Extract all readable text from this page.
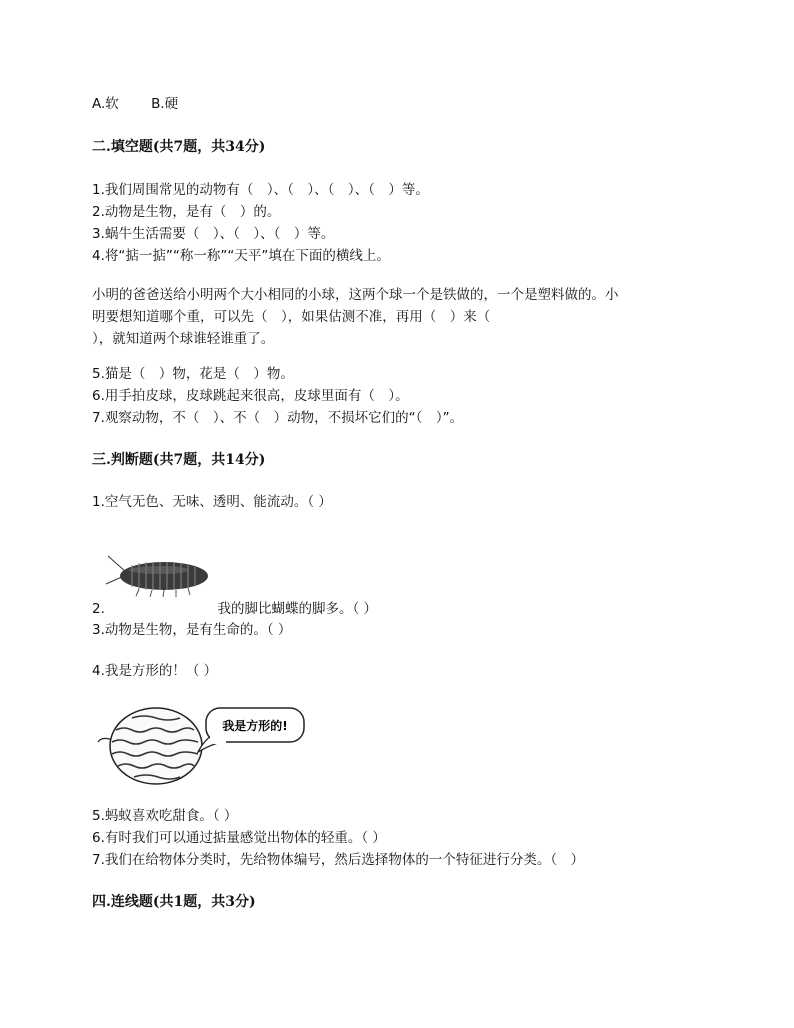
A.软 B.硬
二.填空题(共7题，共34分)
1.我们周围常见的动物有（　）、（　）、（　）、（　）等。
2.动物是生物，是有（　）的。
3.蜗牛生活需要（　）、（　）、（　）等。
4.将“掂一掂”“称一称”“天平”填在下面的横线上。
小明的爸爸送给小明两个大小相同的小球，这两个球一个是铁做的，一个是塑料做的。小
明要想知道哪个重，可以先（　），如果估测不准，再用（　）来（
），就知道两个球谁轻谁重了。
5.猫是（　）物，花是（　）物。
6.用手拍皮球，皮球跳起来很高，皮球里面有（　）。
7.观察动物，不（　）、不（　）动物，不损坏它们的“（　）”。
三.判断题(共7题，共14分)
1.空气无色、无味、透明、能流动。（ ）
2.	我的脚比蝴蝶的脚多。（ ）
3.动物是生物，是有生命的。（ ）
4.我是方形的！（ ）
我是方形的!
5.蚂蚁喜欢吃甜食。（ ）
6.有时我们可以通过掂量感觉出物体的轻重。（ ）
7.我们在给物体分类时，先给物体编号，然后选择物体的一个特征进行分类。（　）
四.连线题(共1题，共3分)
